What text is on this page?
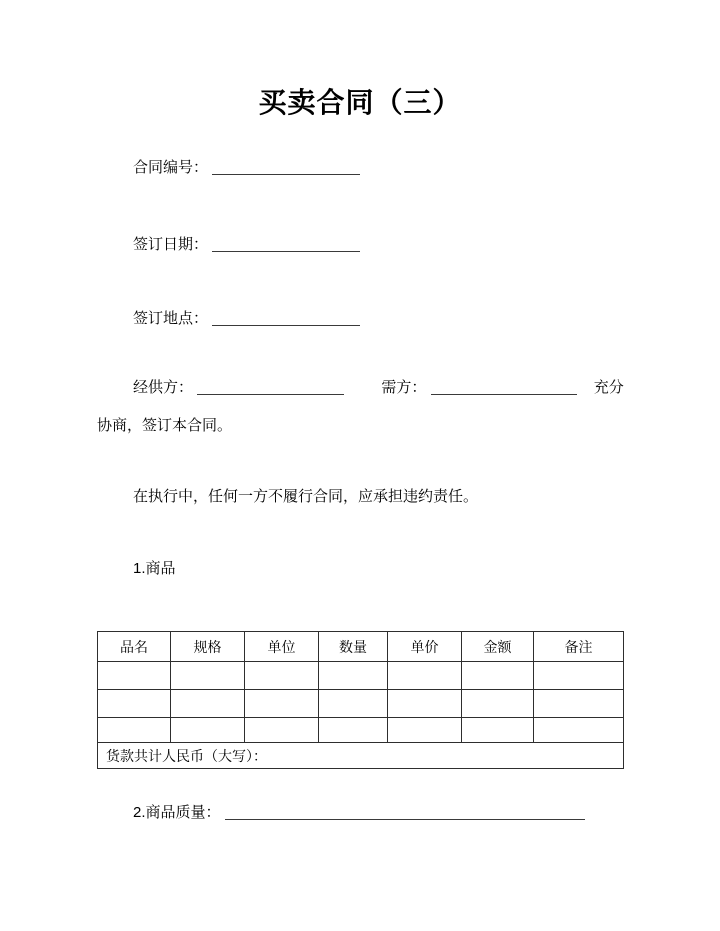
买卖合同（三）
合同编号：
签订日期：
签订地点：
经供方：	需方：	充分
协商，签订本合同。
在执行中，任何一方不履行合同，应承担违约责任。
1.商品
品名	规格	单位	数量	单价	金额	备注

货款共计人民币（大写）：						
2.商品质量：
